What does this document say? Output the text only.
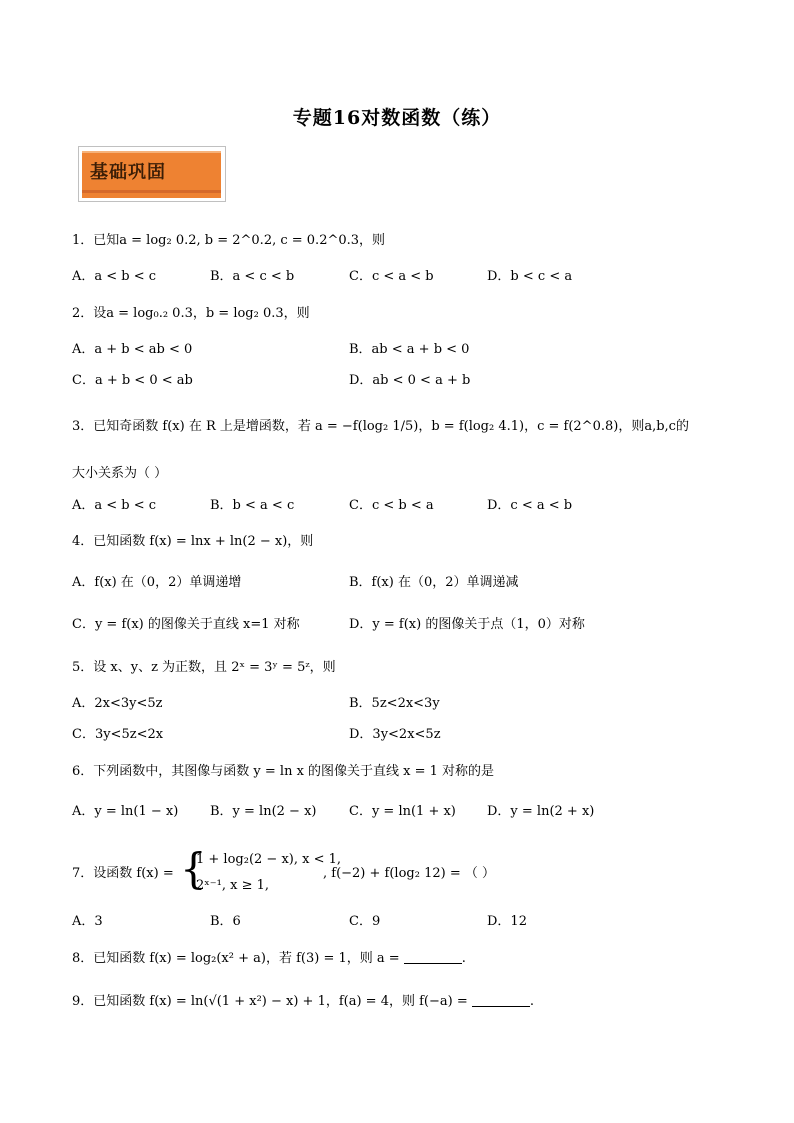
专题16对数函数（练）
基础巩固
1．已知a = log₂ 0.2, b = 2^0.2, c = 0.2^0.3，则
A．a < b < c	B．a < c < b	C．c < a < b	D．b < c < a
2．设a = log₀.₂ 0.3，b = log₂ 0.3，则
A．a + b < ab < 0	B．ab < a + b < 0
C．a + b < 0 < ab	D．ab < 0 < a + b
3．已知奇函数 f(x) 在 R 上是增函数，若 a = −f(log₂ 1/5)，b = f(log₂ 4.1)，c = f(2^0.8)，则a,b,c的
大小关系为（ ）
A．a < b < c	B．b < a < c	C．c < b < a	D．c < a < b
4．已知函数 f(x) = lnx + ln(2 − x)，则
A．f(x) 在（0，2）单调递增	B．f(x) 在（0，2）单调递减
C．y = f(x) 的图像关于直线 x=1 对称	D．y = f(x) 的图像关于点（1，0）对称
5．设 x、y、z 为正数，且 2ˣ = 3ʸ = 5ᶻ，则
A．2x<3y<5z	B．5z<2x<3y
C．3y<5z<2x	D．3y<2x<5z
6．下列函数中，其图像与函数 y = ln x 的图像关于直线 x = 1 对称的是
A．y = ln(1 − x) B．y = ln(2 − x)	C．y = ln(1 + x) D．y = ln(2 + x)
7．设函数 f(x) = {
1 + log₂(2 − x), x < 1,
2ˣ⁻¹, x ≥ 1,
, f(−2) + f(log₂ 12) = （ ）
A．3	B．6	C．9	D．12
8．已知函数 f(x) = log₂(x² + a)，若 f(3) = 1，则 a =	.
9．已知函数 f(x) = ln(√(1 + x²) − x) + 1，f(a) = 4，则 f(−a) =	.
